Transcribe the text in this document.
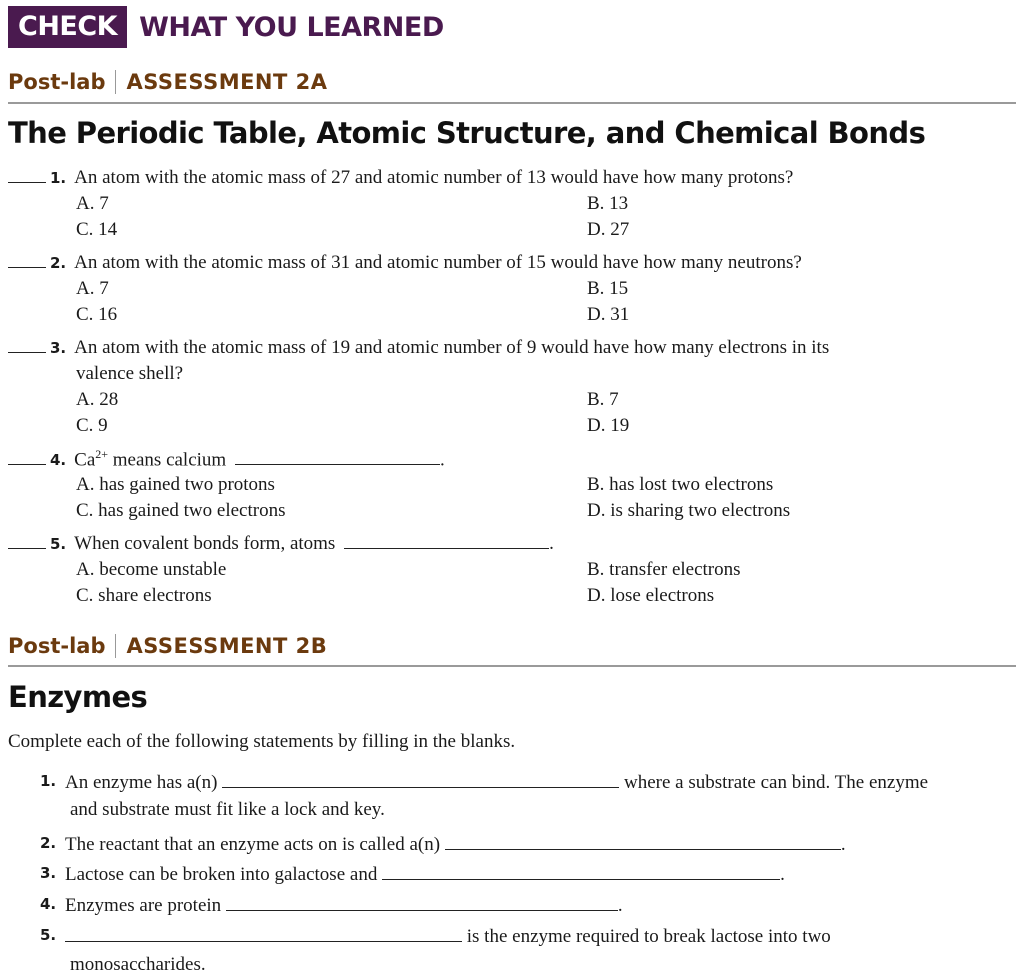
CHECK WHAT YOU LEARNED
Post-lab ASSESSMENT 2A
The Periodic Table, Atomic Structure, and Chemical Bonds
1. An atom with the atomic mass of 27 and atomic number of 13 would have how many protons?
A. 7	B. 13
C. 14	D. 27
2. An atom with the atomic mass of 31 and atomic number of 15 would have how many neutrons?
A. 7	B. 15
C. 16	D. 31
3. An atom with the atomic mass of 19 and atomic number of 9 would have how many electrons in its
valence shell?
A. 28	B. 7
C. 9	D. 19
4. $Ca^{2+}$ means calcium	.
A. has gained two protons	B. has lost two electrons
C. has gained two electrons	D. is sharing two electrons
5. When covalent bonds form, atoms	.
A. become unstable	B. transfer electrons
C. share electrons	D. lose electrons
Post-lab ASSESSMENT 2B
Enzymes
Complete each of the following statements by filling in the blanks.
1. An enzyme has a(n)	where a substrate can bind. The enzyme
and substrate must fit like a lock and key.
2. The reactant that an enzyme acts on is called a(n)	.
3. Lactose can be broken into galactose and	.
4. Enzymes are protein	.
5.	is the enzyme required to break lactose into two
monosaccharides.
